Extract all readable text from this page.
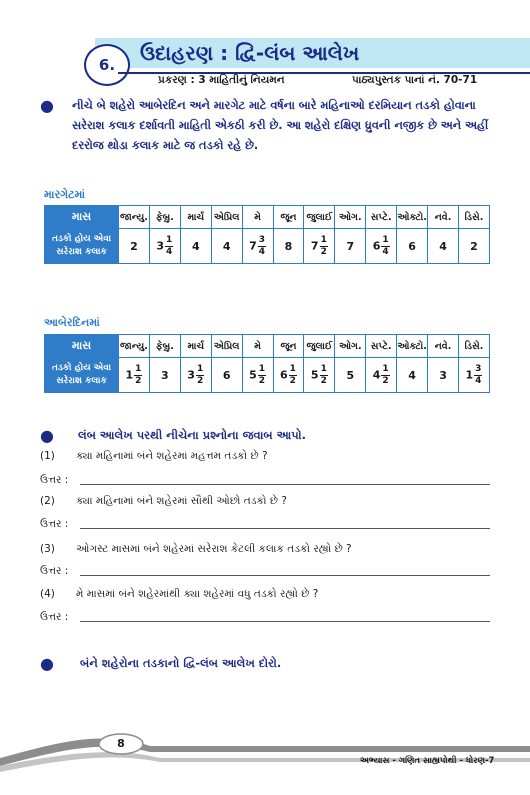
6.	ઉદાહરણ : દ્વિ-લંબ આલેખ
પ્રકરણ : 3 માહિતીનું નિયમન	પાઠ્યપુસ્તક પાનાં નં. 70-71
● નીચે બે શહેરો આબેરદિન અને મારગેટ માટે વર્ષના બારે મહિનાઓ દરમિયાન તડકો હોવાના સરેરાશ કલાક દર્શાવતી માહિતી એકઠી કરી છે. આ શહેરો દક્ષિણ ધ્રુવની નજીક છે અને અહીં દરરોજ થોડા કલાક માટે જ તડકો રહે છે.
મારગેટમાં
માસ	જાન્યુ.	ફેબ્રુ.	માર્ચ	એપ્રિલ	મે	જૂન	જુલાઈ	ઓગ.	સપ્ટે.	ઓક્ટો.	નવે.	ડિસે.
તડકો હોય એવા સરેરાશ કલાક	2	$3 \frac{1}{4}$	4	4	$7 \frac{3}{4}$	8	$7 \frac{1}{2}$	7	$6 \frac{1}{4}$	6	4	2
આબેરદિનમાં
માસ	જાન્યુ.	ફેબ્રુ.	માર્ચ	એપ્રિલ	મે	જૂન	જુલાઈ	ઓગ.	સપ્ટે.	ઓક્ટો.	નવે.	ડિસે.
તડકો હોય એવા સરેરાશ કલાક	$1 \frac{1}{2}$	3	$3 \frac{1}{2}$	6	$5 \frac{1}{2}$	$6 \frac{1}{2}$	$5 \frac{1}{2}$	5	$4 \frac{1}{2}$	4	3	$1 \frac{3}{4}$
● લંબ આલેખ પરથી નીચેના પ્રશ્નોના જવાબ આપો.
(1) ક્યા મહિનામાં બંને શહેરમાં મહત્તમ તડકો છે ?
ઉત્તર :
(2) ક્યા મહિનામાં બંને શહેરમાં સૌથી ઓછો તડકો છે ?
ઉત્તર :
(3) ઓગસ્ટ માસમાં બંને શહેરમાં સરેરાશ કેટલી કલાક તડકો રહ્યો છે ?
ઉત્તર :
(4) મે માસમાં બંને શહેરમાંથી ક્યા શહેરમાં વધુ તડકો રહ્યો છે ?
ઉત્તર :
● બંને શહેરોના તડકાનો દ્વિ-લંબ આલેખ દોરો.
8
અભ્યાસ - ગણિત સાહ્યપોથી - ધોરણ-7
